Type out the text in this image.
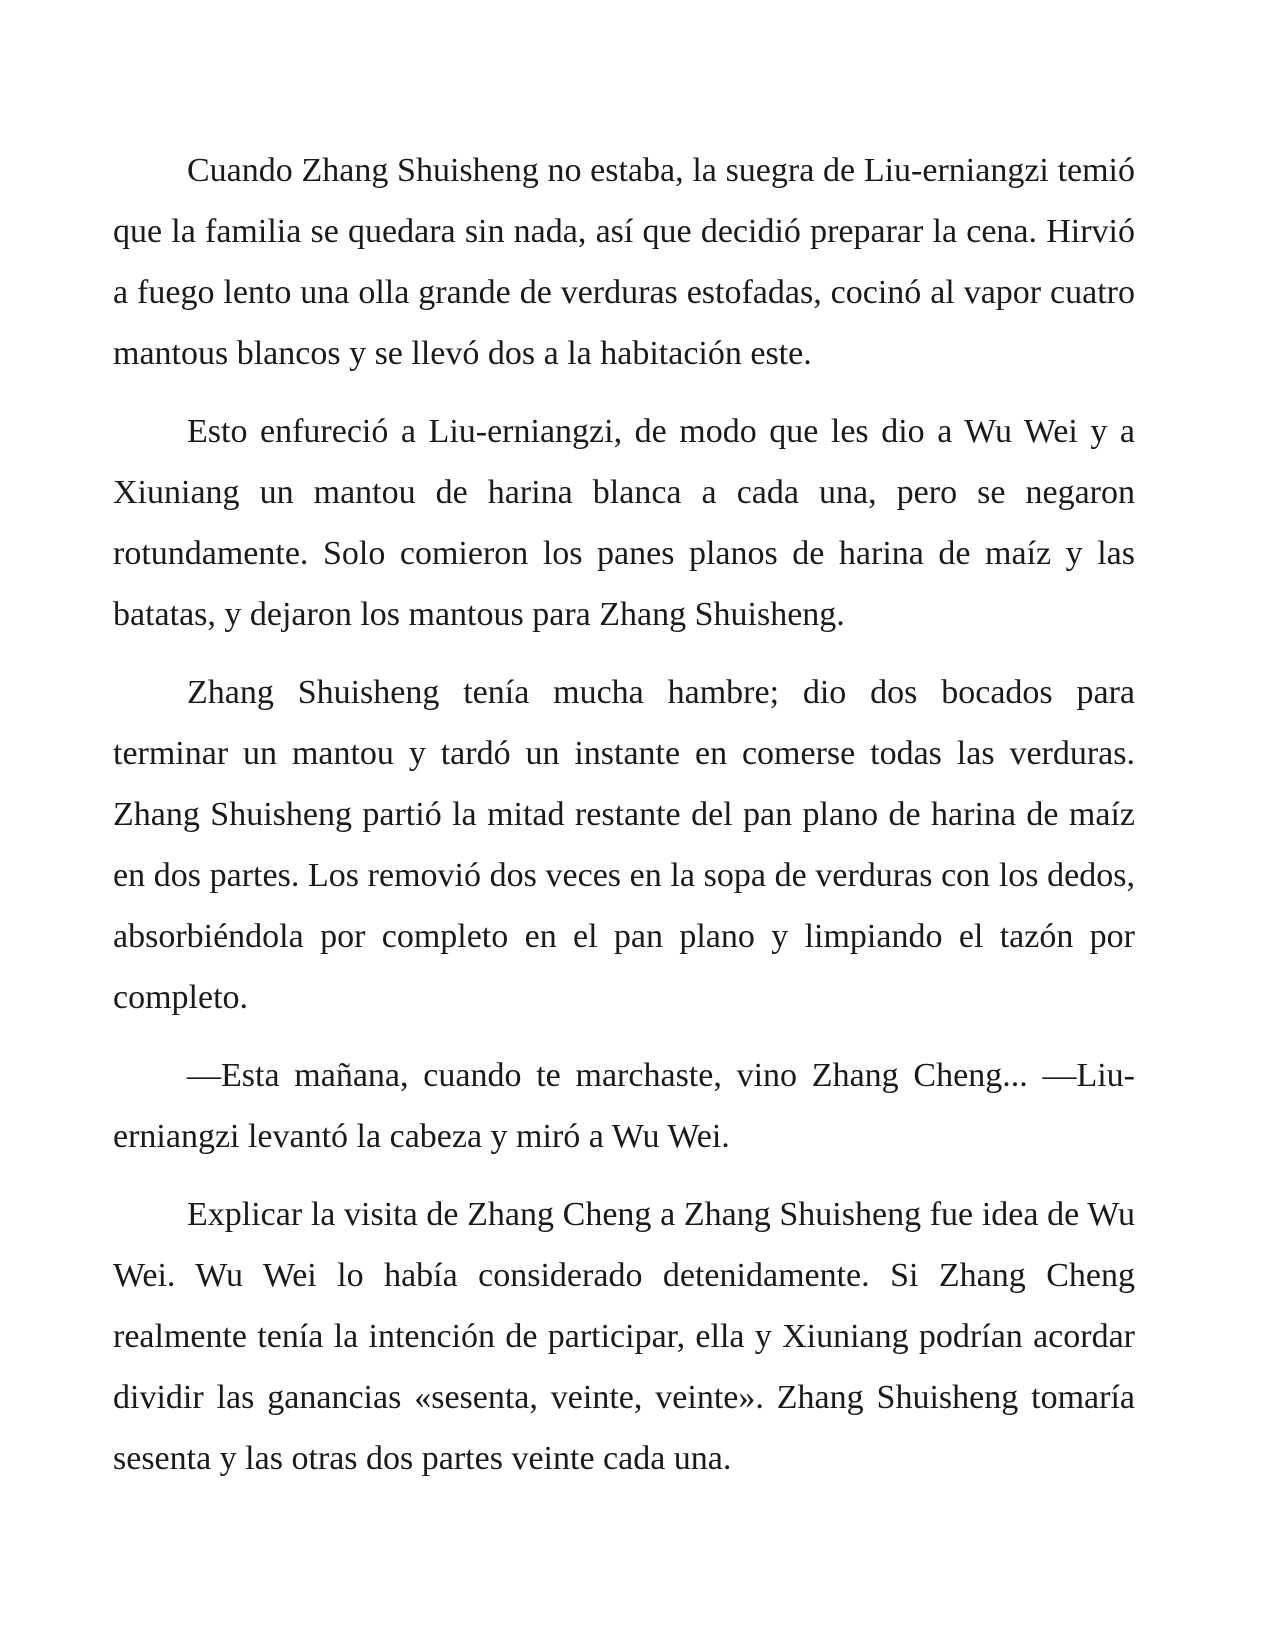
Cuando Zhang Shuisheng no estaba, la suegra de Liu-erniangzi temió que la familia se quedara sin nada, así que decidió preparar la cena. Hirvió a fuego lento una olla grande de verduras estofadas, cocinó al vapor cuatro mantous blancos y se llevó dos a la habitación este.

Esto enfureció a Liu-erniangzi, de modo que les dio a Wu Wei y a Xiuniang un mantou de harina blanca a cada una, pero se negaron rotundamente. Solo comieron los panes planos de harina de maíz y las batatas, y dejaron los mantous para Zhang Shuisheng.

Zhang Shuisheng tenía mucha hambre; dio dos bocados para terminar un mantou y tardó un instante en comerse todas las verduras. Zhang Shuisheng partió la mitad restante del pan plano de harina de maíz en dos partes. Los removió dos veces en la sopa de verduras con los dedos, absorbiéndola por completo en el pan plano y limpiando el tazón por completo.

—Esta mañana, cuando te marchaste, vino Zhang Cheng... —Liu-erniangzi levantó la cabeza y miró a Wu Wei.

Explicar la visita de Zhang Cheng a Zhang Shuisheng fue idea de Wu Wei. Wu Wei lo había considerado detenidamente. Si Zhang Cheng realmente tenía la intención de participar, ella y Xiuniang podrían acordar dividir las ganancias «sesenta, veinte, veinte». Zhang Shuisheng tomaría sesenta y las otras dos partes veinte cada una.
